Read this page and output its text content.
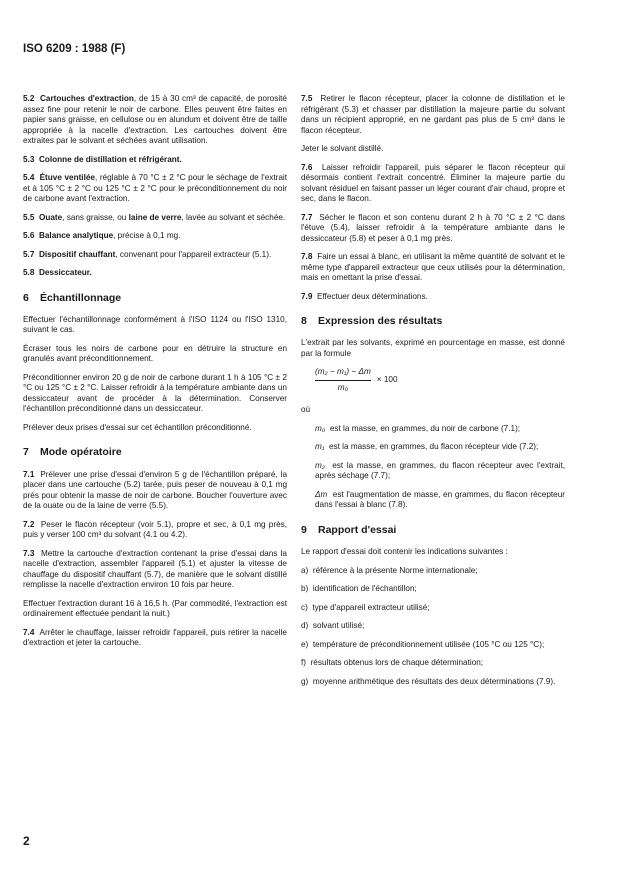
ISO 6209 : 1988 (F)

5.2 Cartouches d'extraction, de 15 à 30 cm³ de capacité, de porosité assez fine pour retenir le noir de carbone. Elles peuvent être faites en papier sans graisse, en cellulose ou en alundum et doivent être de taille appropriée à la nacelle d'extraction. Les cartouches doivent être extraites par le solvant et séchées avant utilisation.

5.3 Colonne de distillation et réfrigérant.

5.4 Étuve ventilée, réglable à 70 °C ± 2 °C pour le séchage de l'extrait et à 105 °C ± 2 °C ou 125 °C ± 2 °C pour le préconditionnement du noir de carbone avant l'extraction.

5.5 Ouate, sans graisse, ou laine de verre, lavée au solvant et séchée.

5.6 Balance analytique, précise à 0,1 mg.

5.7 Dispositif chauffant, convenant pour l'appareil extracteur (5.1).

5.8 Dessiccateur.

6 Échantillonnage

Effectuer l'échantillonnage conformément à l'ISO 1124 ou l'ISO 1310, suivant le cas.

Écraser tous les noirs de carbone pour en détruire la structure en granulés avant préconditionnement.

Préconditionner environ 20 g de noir de carbone durant 1 h à 105 °C ± 2 °C ou 125 °C ± 2 °C. Laisser refroidir à la température ambiante dans un dessiccateur avant de procéder à la détermination. Conserver l'échantillon préconditionné dans un dessiccateur.

Prélever deux prises d'essai sur cet échantillon préconditionné.

7 Mode opératoire

7.1 Prélever une prise d'essai d'environ 5 g de l'échantillon préparé, la placer dans une cartouche (5.2) tarée, puis peser de nouveau à 0,1 mg près pour obtenir la masse de noir de carbone. Boucher l'ouverture avec de la ouate ou de la laine de verre (5.5).

7.2 Peser le flacon récepteur (voir 5.1), propre et sec, à 0,1 mg près, puis y verser 100 cm³ du solvant (4.1 ou 4.2).

7.3 Mettre la cartouche d'extraction contenant la prise d'essai dans la nacelle d'extraction, assembler l'appareil (5.1) et ajuster la vitesse de chauffage du dispositif chauffant (5.7), de manière que le solvant distillé remplisse la nacelle d'extraction environ 10 fois par heure.

Effectuer l'extraction durant 16 à 16,5 h. (Par commodité, l'extraction est ordinairement effectuée pendant la nuit.)

7.4 Arrêter le chauffage, laisser refroidir l'appareil, puis retirer la nacelle d'extraction et jeter la cartouche.

7.5 Retirer le flacon récepteur, placer la colonne de distillation et le réfrigérant (5.3) et chasser par distillation la majeure partie du solvant dans un récipient approprié, en ne gardant pas plus de 5 cm³ dans le flacon récepteur.

Jeter le solvant distillé.

7.6 Laisser refroidir l'appareil, puis séparer le flacon récepteur qui désormais contient l'extrait concentré. Éliminer la majeure partie du solvant résiduel en faisant passer un léger courant d'air chaud, propre et sec, dans le flacon.

7.7 Sécher le flacon et son contenu durant 2 h à 70 °C ± 2 °C dans l'étuve (5.4), laisser refroidir à la température ambiante dans le dessiccateur (5.8) et peser à 0,1 mg près.

7.8 Faire un essai à blanc, en utilisant la même quantité de solvant et le même type d'appareil extracteur que ceux utilisés pour la détermination, mais en omettant la prise d'essai.

7.9 Effectuer deux déterminations.

8 Expression des résultats

L'extrait par les solvants, exprimé en pourcentage en masse, est donné par la formule

$\frac{\text{(m₂ − m₁) − Δm}}{\text{m₀}} \times 100$

où

m₀ est la masse, en grammes, du noir de carbone (7.1);

m₁ est la masse, en grammes, du flacon récepteur vide (7.2);

m₂ est la masse, en grammes, du flacon récepteur avec l'extrait, après séchage (7.7);

Δm est l'augmentation de masse, en grammes, du flacon récepteur dans l'essai à blanc (7.8).

9 Rapport d'essai

Le rapport d'essai doit contenir les indications suivantes :

a) référence à la présente Norme internationale;

b) identification de l'échantillon;

c) type d'appareil extracteur utilisé;

d) solvant utilisé;

e) température de préconditionnement utilisée (105 °C ou 125 °C);

f) résultats obtenus lors de chaque détermination;

g) moyenne arithmétique des résultats des deux déterminations (7.9).

2
